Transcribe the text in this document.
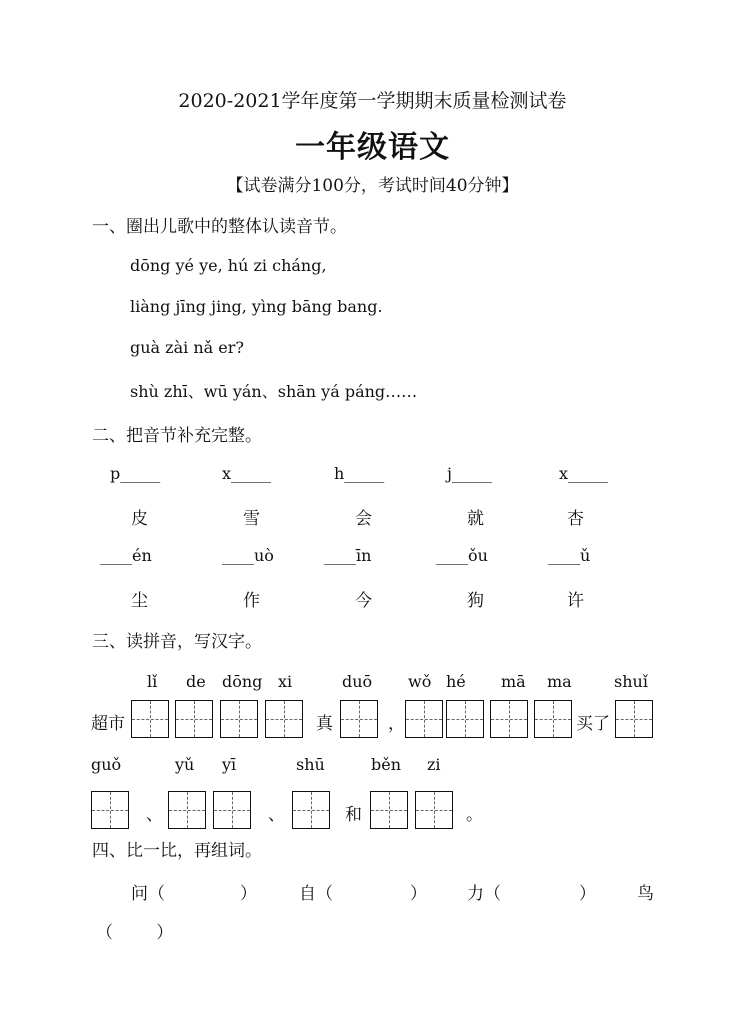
2020-2021学年度第一学期期末质量检测试卷
一年级语文
【试卷满分100分，考试时间40分钟】
一、圈出儿歌中的整体认读音节。
dōng yé ye, hú zi cháng,
liàng jīng jing, yìng bāng bang.
guà zài nǎ er?
shù zhī、wū yán、shān yá páng……
二、把音节补充完整。
p_____	x_____	h_____	j_____	x_____
皮	雪	会	就	杏
____én	____uò	____īn	____ǒu	____ǔ
尘	作	今	狗	许
三、读拼音，写汉字。
lǐ de dōng xi	duō wǒ hé mā ma	shuǐ
超市	真	，	买了
guǒ	yǔ yī	shū	běn zi
、	、	和	。
四、比一比，再组词。
问（	） 自（	） 力（	） 鸟
（        ）
